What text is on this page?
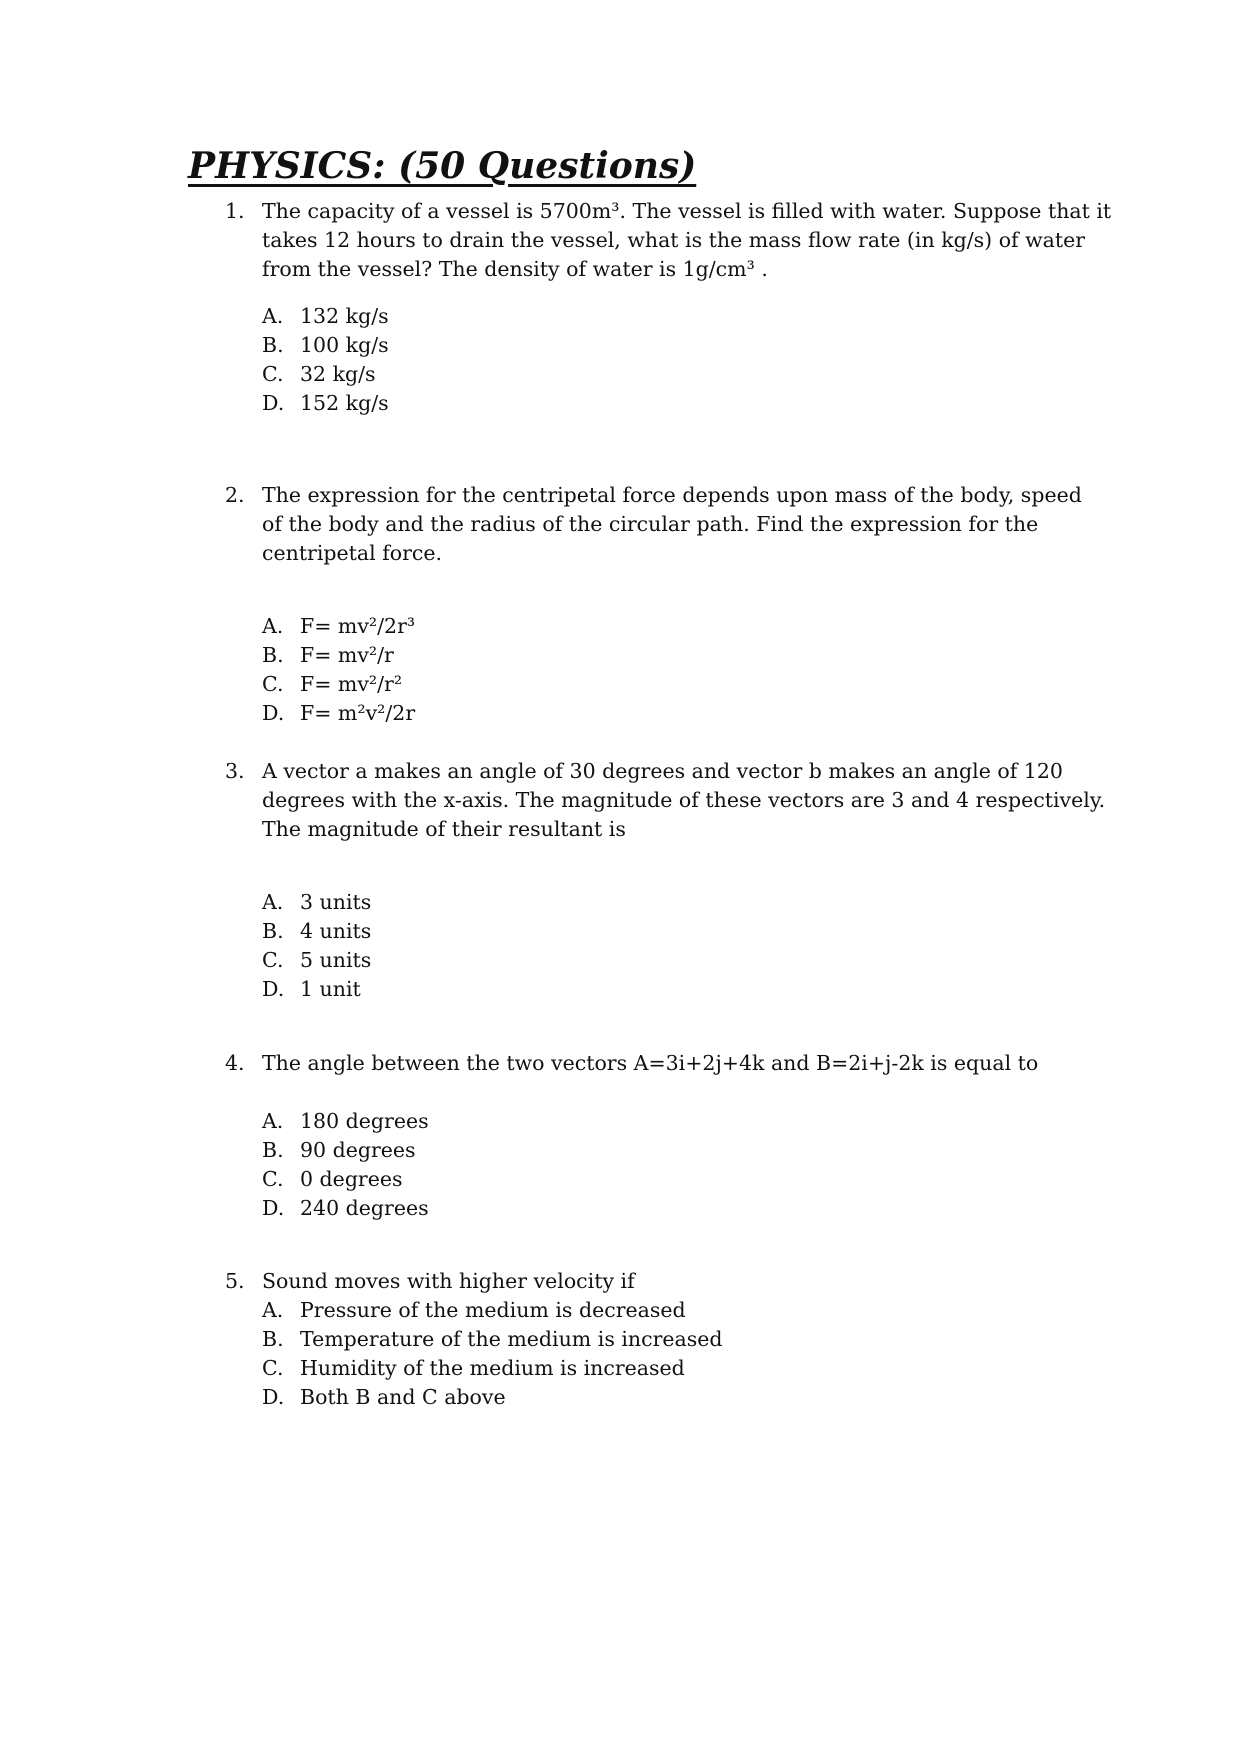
PHYSICS: (50 Questions)
1. The capacity of a vessel is 5700m³. The vessel is filled with water. Suppose that it
takes 12 hours to drain the vessel, what is the mass flow rate (in kg/s) of water
from the vessel? The density of water is 1g/cm³ .
A. 132 kg/s
B. 100 kg/s
C. 32 kg/s
D. 152 kg/s
2. The expression for the centripetal force depends upon mass of the body, speed
of the body and the radius of the circular path. Find the expression for the
centripetal force.
A. F= mv²/2r³
B. F= mv²/r
C. F= mv²/r²
D. F= m²v²/2r
3. A vector a makes an angle of 30 degrees and vector b makes an angle of 120
degrees with the x-axis. The magnitude of these vectors are 3 and 4 respectively.
The magnitude of their resultant is
A. 3 units
B. 4 units
C. 5 units
D. 1 unit
4. The angle between the two vectors A=3i+2j+4k and B=2i+j-2k is equal to
A. 180 degrees
B. 90 degrees
C. 0 degrees
D. 240 degrees
5. Sound moves with higher velocity if
A. Pressure of the medium is decreased
B. Temperature of the medium is increased
C. Humidity of the medium is increased
D. Both B and C above
